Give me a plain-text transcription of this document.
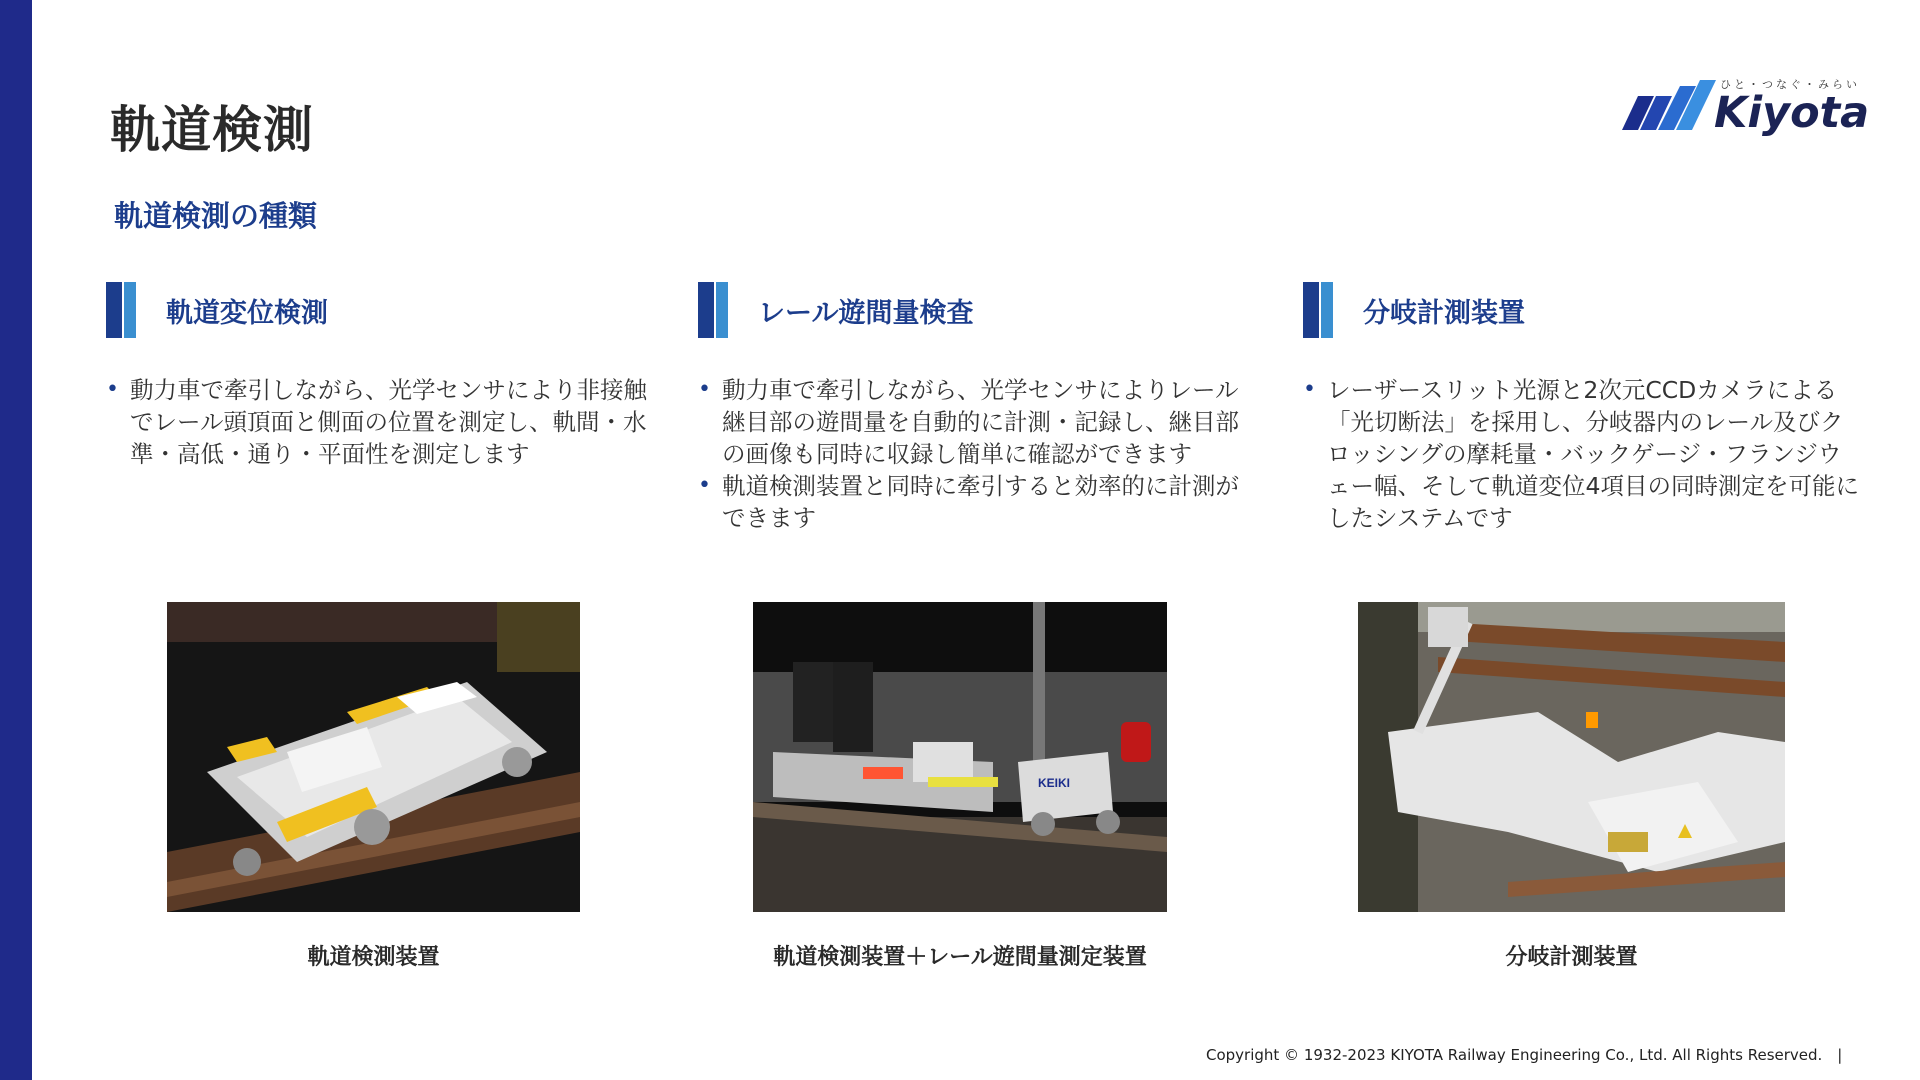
軌道検測
ひと・つなぐ・みらい
Kiyota
軌道検測の種類
軌道変位検測
• 動力車で牽引しながら、光学センサにより非接触でレール頭頂面と側面の位置を測定し、軌間・水準・高低・通り・平面性を測定します
レール遊間量検査
• 動力車で牽引しながら、光学センサによりレール継目部の遊間量を自動的に計測・記録し、継目部の画像も同時に収録し簡単に確認ができます
• 軌道検測装置と同時に牽引すると効率的に計測ができます
分岐計測装置
• レーザースリット光源と2次元CCDカメラによる「光切断法」を採用し、分岐器内のレール及びクロッシングの摩耗量・バックゲージ・フランジウェー幅、そして軌道変位4項目の同時測定を可能にしたシステムです
KEIKI
軌道検測装置	軌道検測装置＋レール遊間量測定装置	分岐計測装置
Copyright © 1932-2023 KIYOTA Railway Engineering Co., Ltd. All Rights Reserved.　|
